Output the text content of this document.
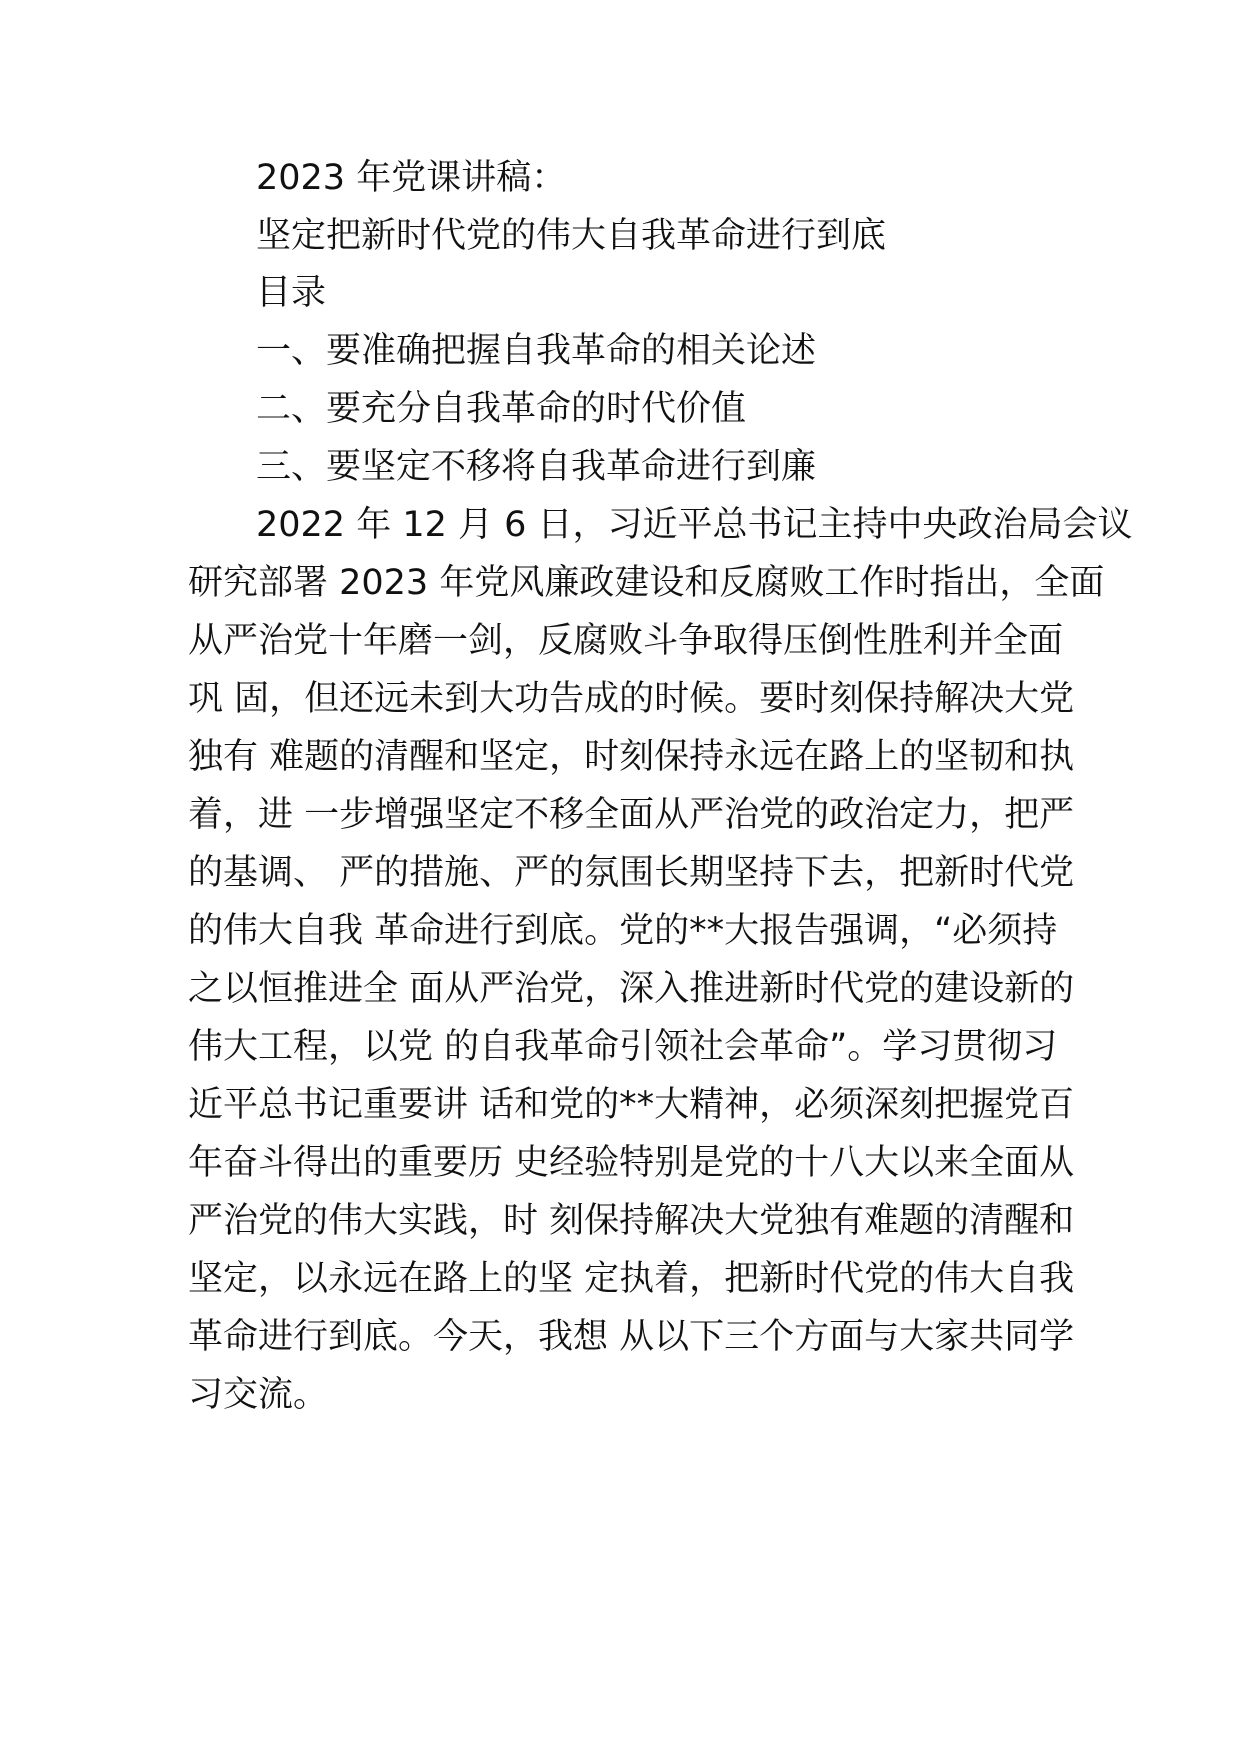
2023 年党课讲稿：
坚定把新时代党的伟大自我革命进行到底
目录
一、要准确把握自我革命的相关论述
二、要充分自我革命的时代价值
三、要坚定不移将自我革命进行到廉
2022 年 12 月 6 日，习近平总书记主持中央政治局会议
研究部署 2023 年党风廉政建设和反腐败工作时指出，全面
从严治党十年磨一剑，反腐败斗争取得压倒性胜利并全面
巩 固，但还远未到大功告成的时候。要时刻保持解决大党
独有 难题的清醒和坚定，时刻保持永远在路上的坚韧和执
着，进 一步增强坚定不移全面从严治党的政治定力，把严
的基调、 严的措施、严的氛围长期坚持下去，把新时代党
的伟大自我 革命进行到底。党的**大报告强调，“必须持
之以恒推进全 面从严治党，深入推进新时代党的建设新的
伟大工程，以党 的自我革命引领社会革命”。学习贯彻习
近平总书记重要讲 话和党的**大精神，必须深刻把握党百
年奋斗得出的重要历 史经验特别是党的十八大以来全面从
严治党的伟大实践，时 刻保持解决大党独有难题的清醒和
坚定，以永远在路上的坚 定执着，把新时代党的伟大自我
革命进行到底。今天，我想 从以下三个方面与大家共同学
习交流。
